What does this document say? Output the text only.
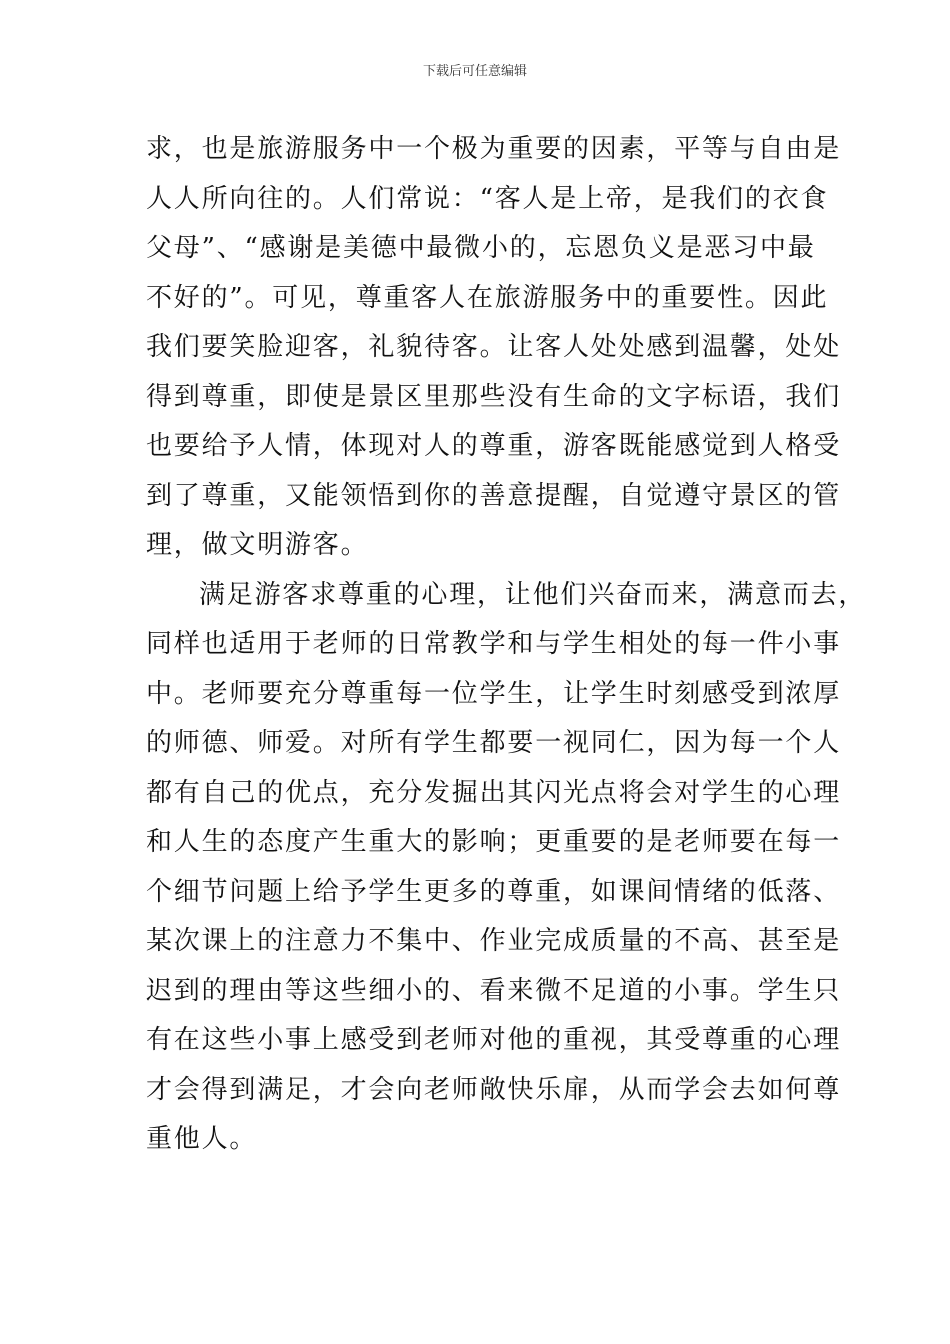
下载后可任意编辑
求，也是旅游服务中一个极为重要的因素，平等与自由是
人人所向往的。人们常说：“客人是上帝，是我们的衣食
父母”、“感谢是美德中最微小的，忘恩负义是恶习中最
不好的”。可见，尊重客人在旅游服务中的重要性。因此
我们要笑脸迎客，礼貌待客。让客人处处感到温馨，处处
得到尊重，即使是景区里那些没有生命的文字标语，我们
也要给予人情，体现对人的尊重，游客既能感觉到人格受
到了尊重，又能领悟到你的善意提醒，自觉遵守景区的管
理，做文明游客。
满足游客求尊重的心理，让他们兴奋而来，满意而去，
同样也适用于老师的日常教学和与学生相处的每一件小事
中。老师要充分尊重每一位学生，让学生时刻感受到浓厚
的师德、师爱。对所有学生都要一视同仁，因为每一个人
都有自己的优点，充分发掘出其闪光点将会对学生的心理
和人生的态度产生重大的影响；更重要的是老师要在每一
个细节问题上给予学生更多的尊重，如课间情绪的低落、
某次课上的注意力不集中、作业完成质量的不高、甚至是
迟到的理由等这些细小的、看来微不足道的小事。学生只
有在这些小事上感受到老师对他的重视，其受尊重的心理
才会得到满足，才会向老师敞快乐扉，从而学会去如何尊
重他人。
